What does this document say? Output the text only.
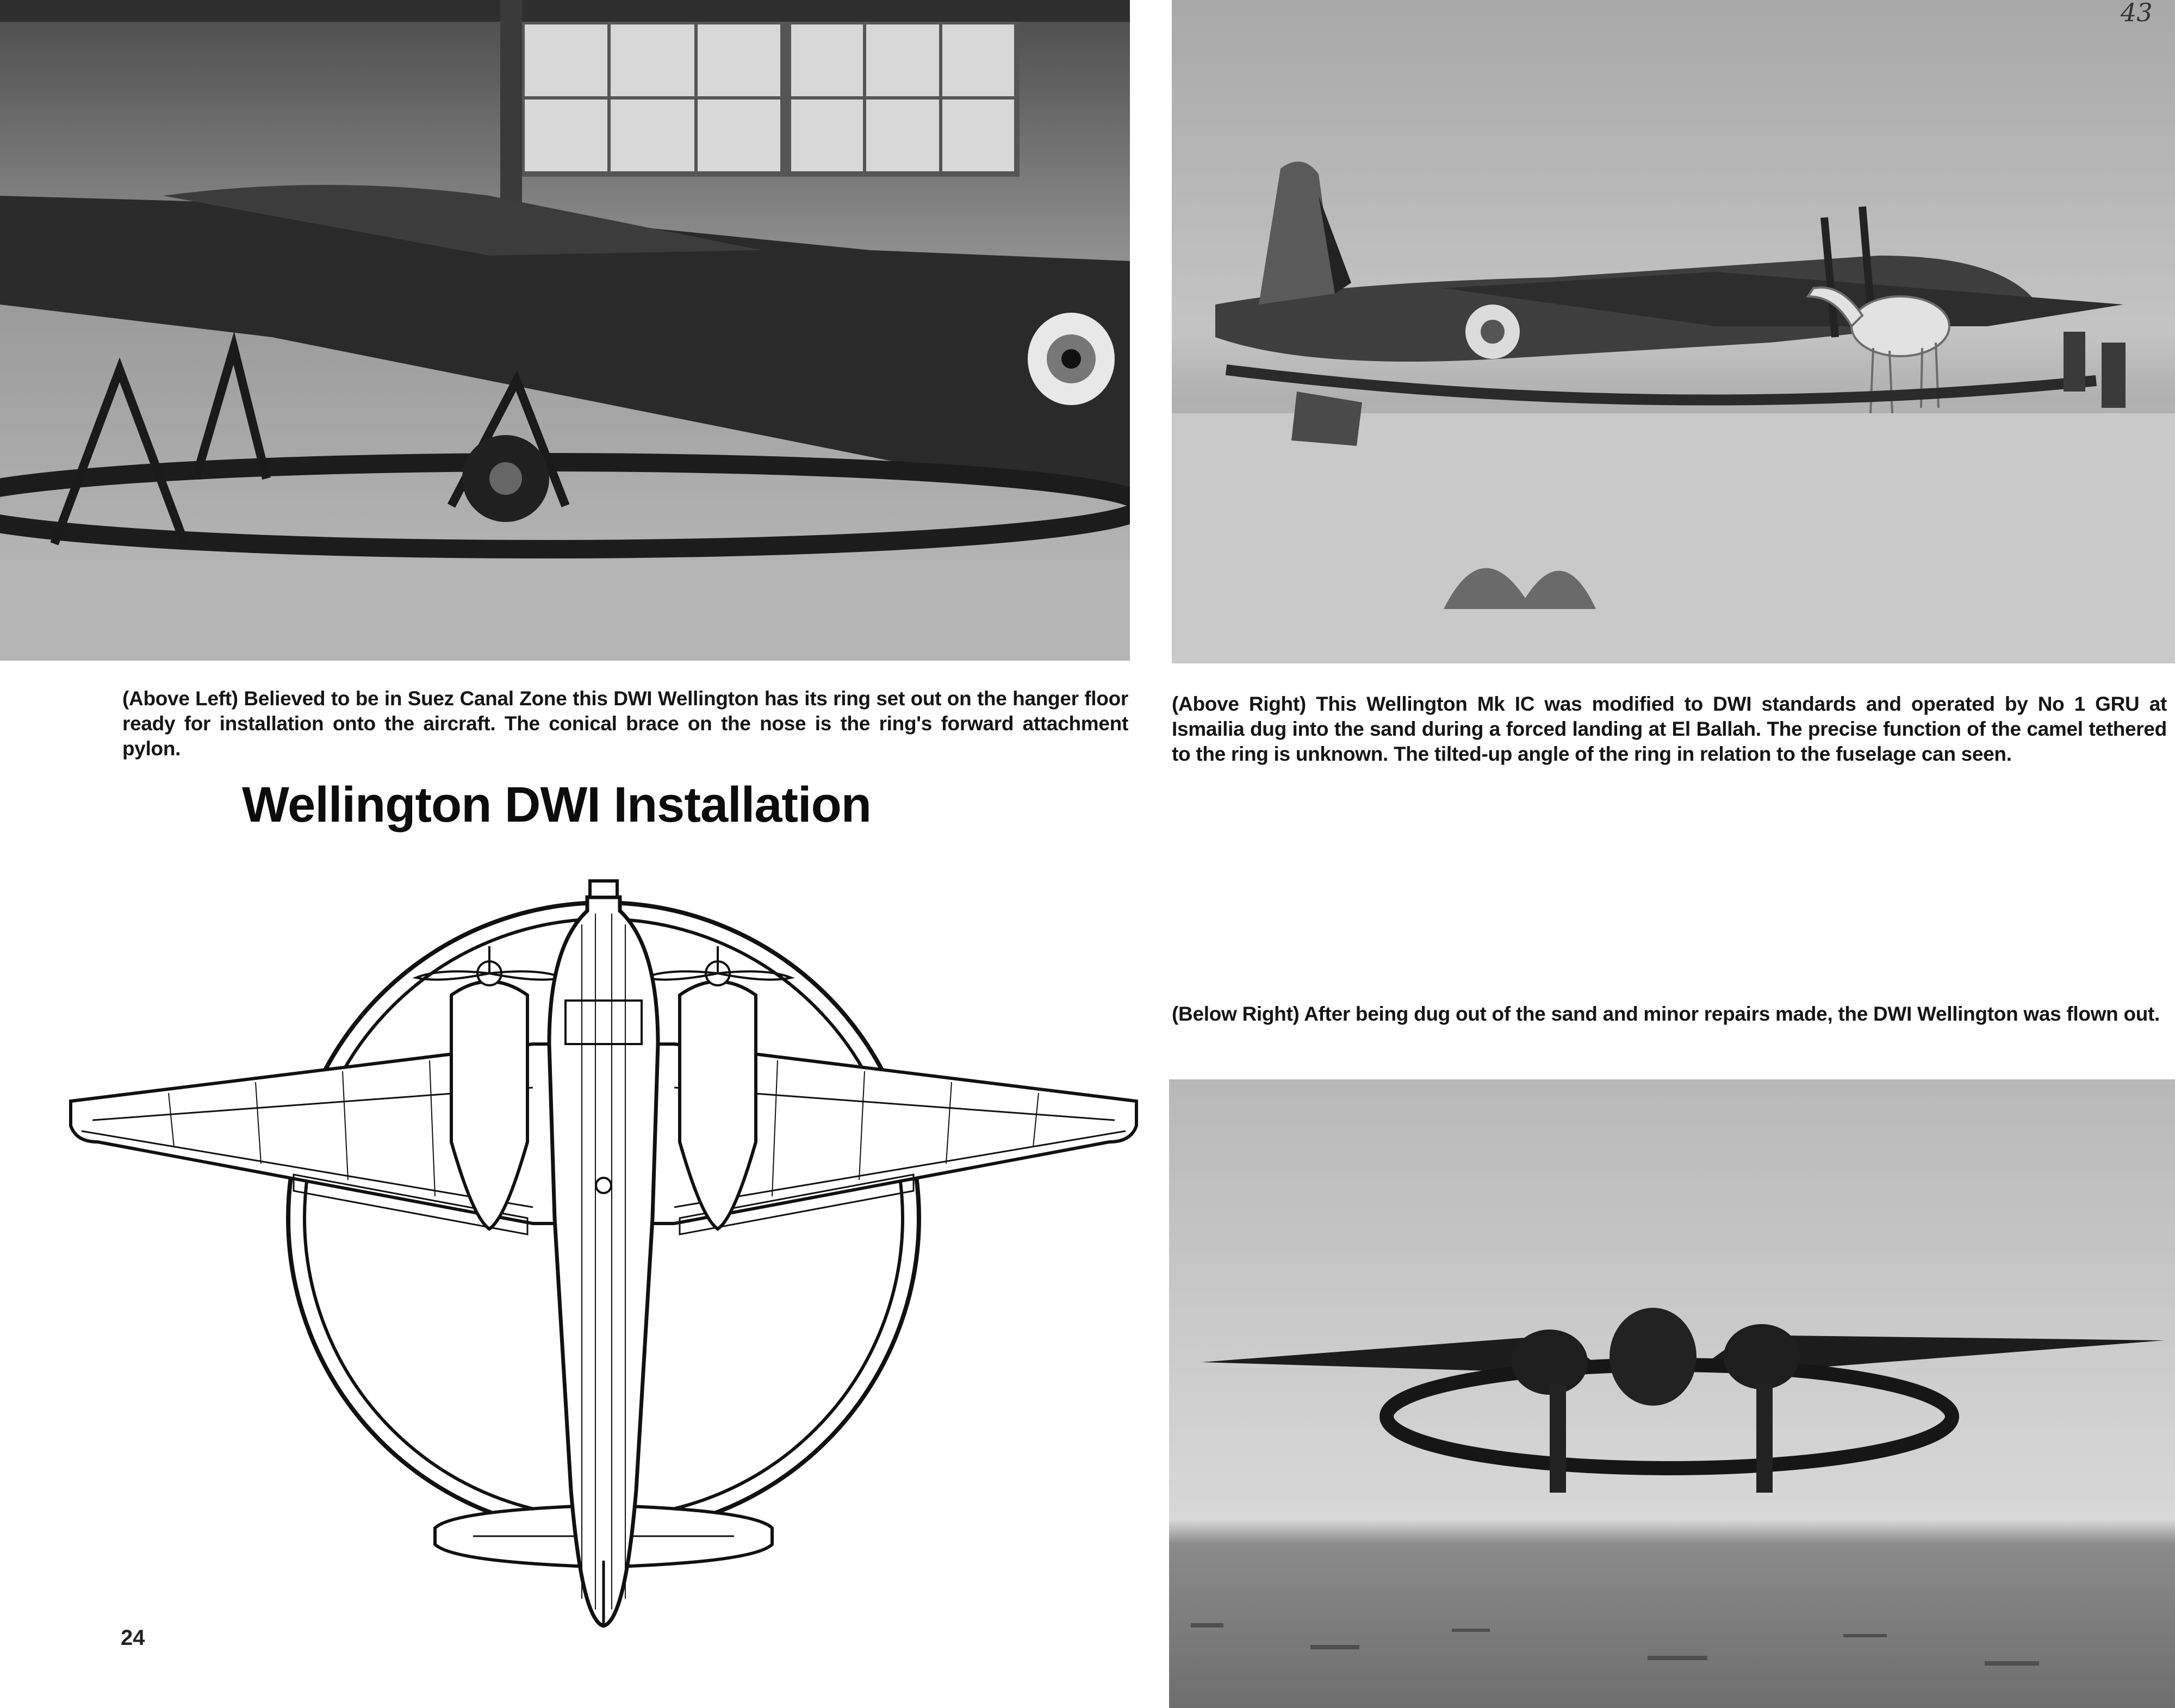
(Above Left) Believed to be in Suez Canal Zone this DWI Wellington has its ring set out on the hanger floor ready for installation onto the aircraft. The conical brace on the nose is the ring's forward attachment pylon.

(Above Right) This Wellington Mk IC was modified to DWI standards and operated by No 1 GRU at Ismailia dug into the sand during a forced landing at El Ballah. The precise function of the camel tethered to the ring is unknown. The tilted-up angle of the ring in relation to the fuselage can seen.

(Below Right) After being dug out of the sand and minor repairs made, the DWI Wellington was flown out.

Wellington DWI Installation
24
43
